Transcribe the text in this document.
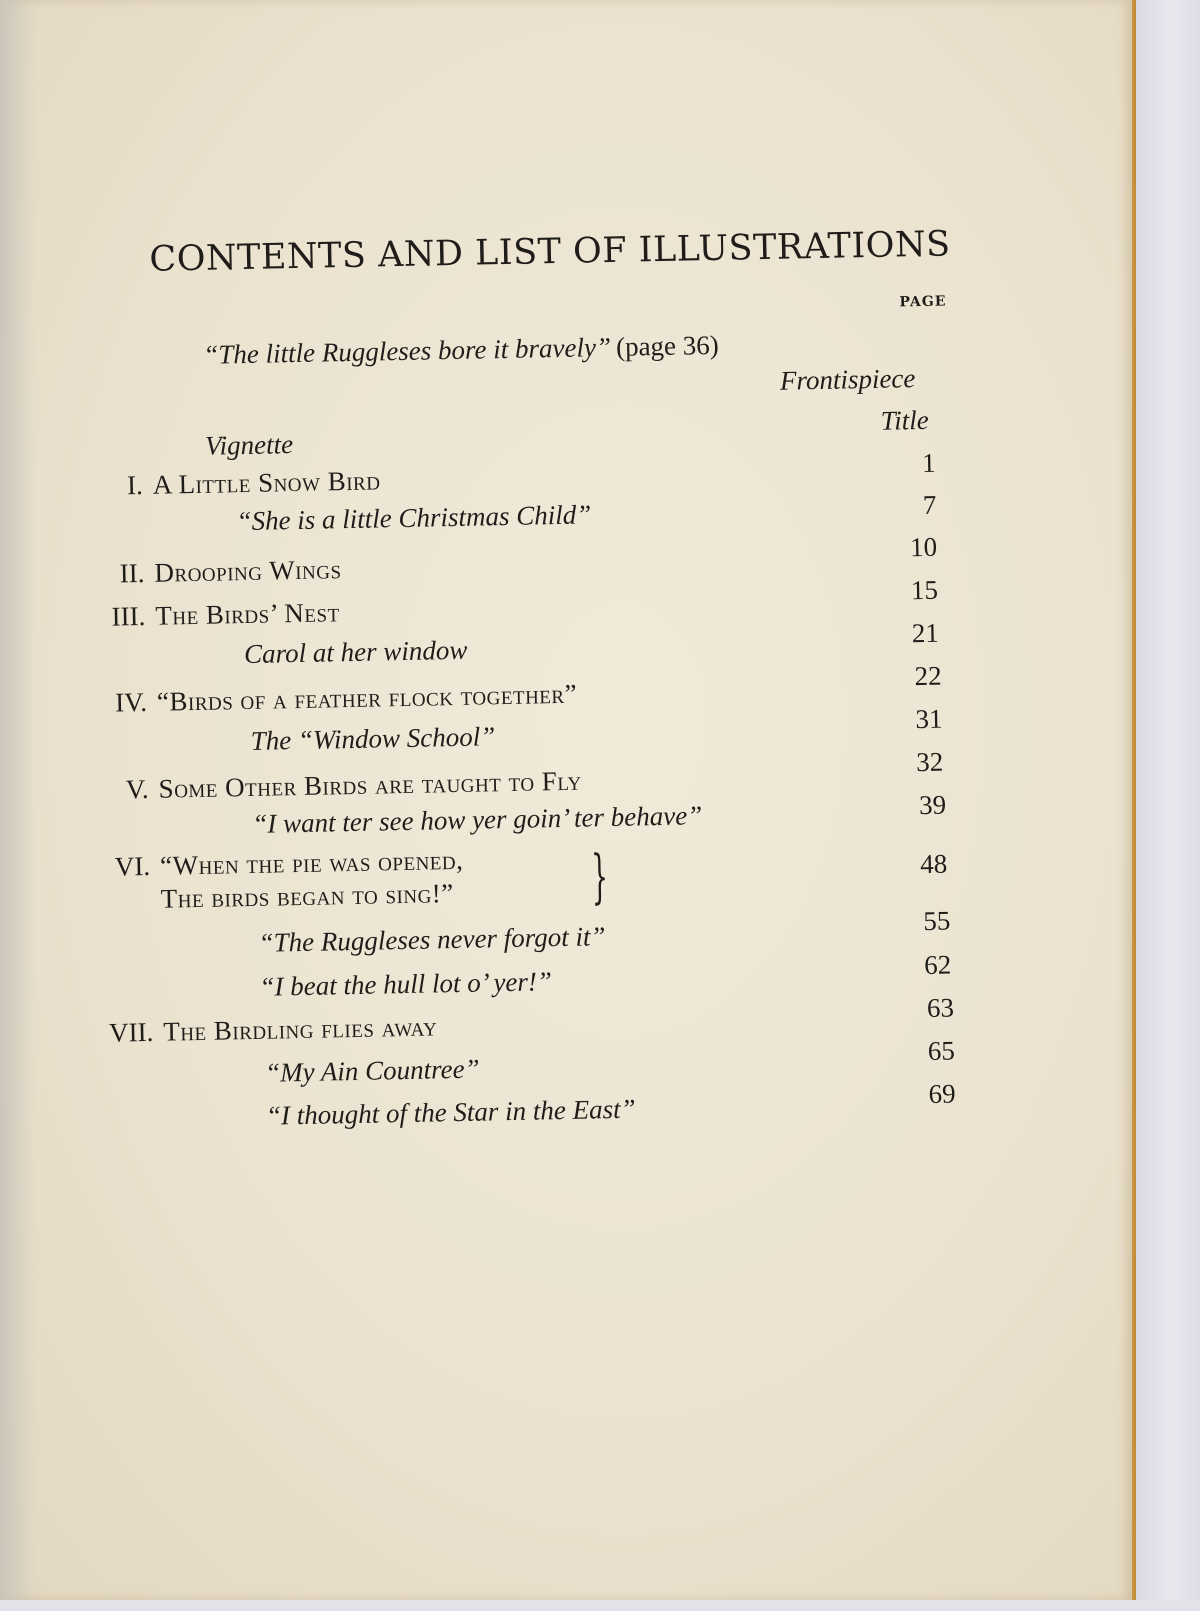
CONTENTS AND LIST OF ILLUSTRATIONS
PAGE
“The little Ruggleses bore it bravely” (page 36)
Frontispiece
Title
Vignette
1
I. A Little Snow Bird
7
“She is a little Christmas Child”
10
II. Drooping Wings
15
III. The Birds’ Nest
21
Carol at her window
22
IV. “Birds of a feather flock together”
31
The “Window School”
32
V. Some Other Birds are taught to Fly
39
“I want ter see how yer goin’ ter behave”
VI. “When the pie was opened,
The birds began to sing!” }	48
“The Ruggleses never forgot it”
55
“I beat the hull lot o’ yer!”
62
VII. The Birdling flies away
63
“My Ain Countree”
65
“I thought of the Star in the East”	69
